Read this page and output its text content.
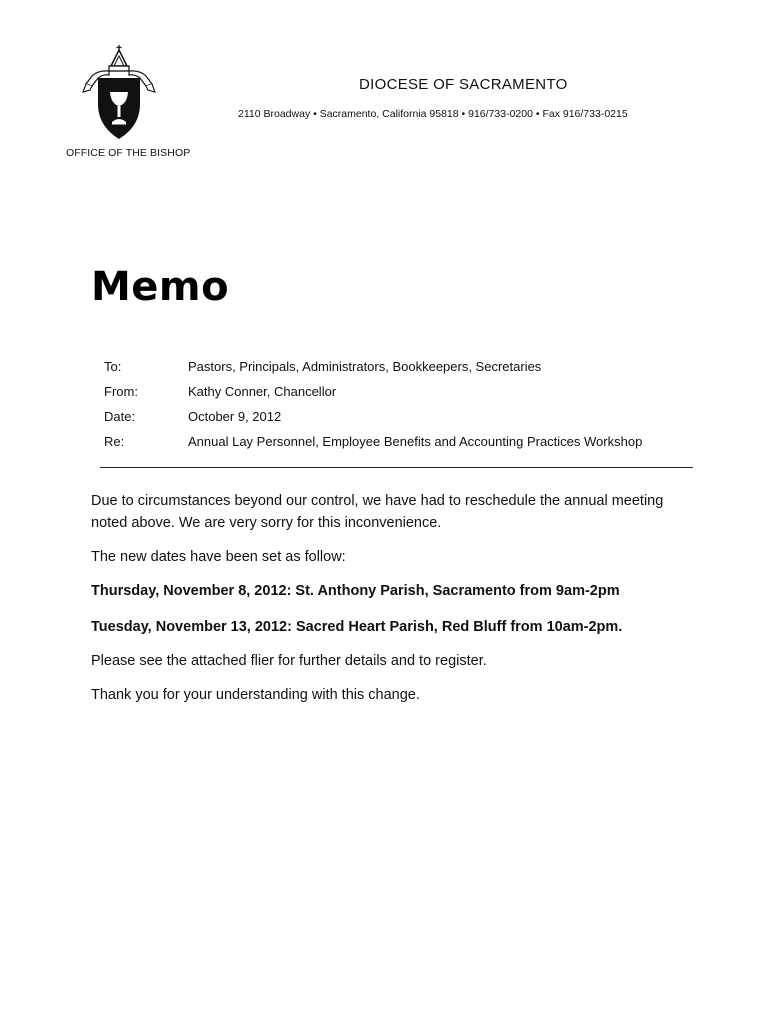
OFFICE OF THE BISHOP
DIOCESE OF SACRAMENTO
2110 Broadway • Sacramento, California 95818 • 916/733-0200 • Fax 916/733-0215
Memo
To:	Pastors, Principals, Administrators, Bookkeepers, Secretaries
From:	Kathy Conner, Chancellor
Date:	October 9, 2012
Re:	Annual Lay Personnel, Employee Benefits and Accounting Practices Workshop
Due to circumstances beyond our control, we have had to reschedule the annual meeting noted above. We are very sorry for this inconvenience.
The new dates have been set as follow:
Thursday, November 8, 2012: St. Anthony Parish, Sacramento from 9am-2pm
Tuesday, November 13, 2012: Sacred Heart Parish, Red Bluff from 10am-2pm.
Please see the attached flier for further details and to register.
Thank you for your understanding with this change.
